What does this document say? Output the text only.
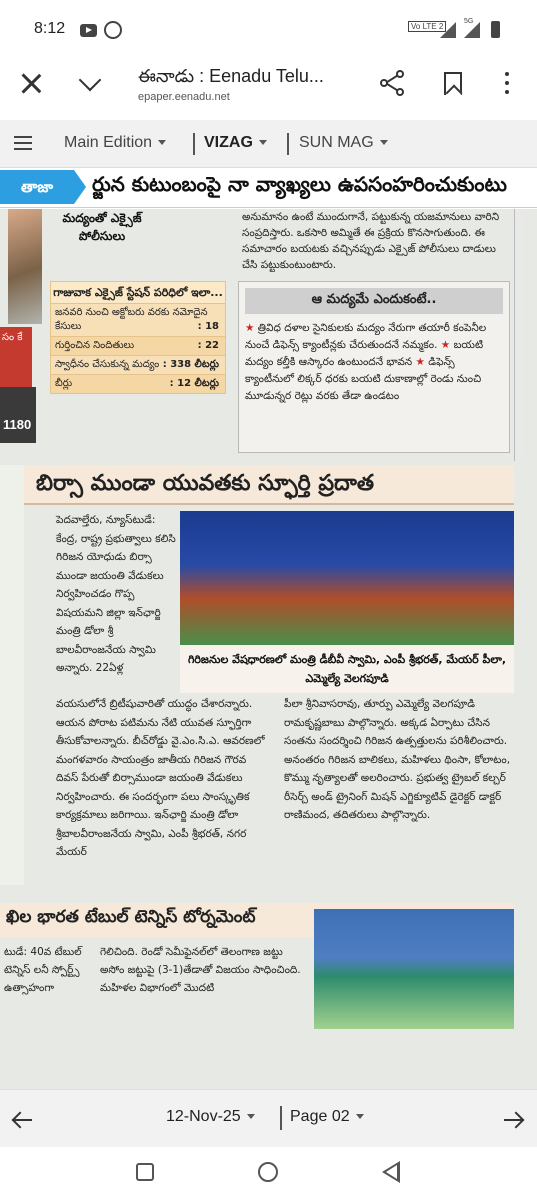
8:12	Vo LTE 2
5G
ఈనాడు : Eenadu Telu...
epaper.eenadu.net
Main Edition	VIZAG	SUN MAG
తాజా	ర్జున కుటుంబంపై నా వ్యాఖ్యలు ఉపసంహరించుకుంటు
సం కే
1180
మద్యంతో ఎక్సైజ్ పోలీసులు
గాజువాక ఎక్సైజ్ స్టేషన్ పరిధిలో ఇలా...
జనవరి నుంచి అక్టోబరు వరకు నమోదైన కేసులు	: 18
గుర్తించిన నిందితులు	: 22
స్వాధీనం చేసుకున్న మద్యం : 338 లీటర్లు
బీర్లు	: 12 లీటర్లు
అనుమానం ఉంటే ముందుగానే, పట్టుకున్న యజమానులు వారిని సంప్రదిస్తారు. ఒకసారి అమ్మితే ఈ ప్రక్రియ కొనసాగుతుంది. ఈ సమాచారం బయటకు వచ్చినప్పుడు ఎక్సైజ్ పోలీసులు దాడులు చేసి పట్టుకుంటుంటారు.
ఆ మద్యమే ఎందుకంటే..
★ త్రివిధ దళాల సైనికులకు మద్యం నేరుగా తయారీ కంపెనీల నుంచే డిఫెన్స్ క్యాంటీన్లకు చేరుతుందనే నమ్మకం. ★ బయటి మద్యం కల్తీకి ఆస్కారం ఉంటుందనే భావన ★ డిఫెన్స్ క్యాంటీనులో లిక్కర్ ధరకు బయటి దుకాణాల్లో రెండు నుంచి మూడున్నర రెట్లు వరకు తేడా ఉండటం
బిర్సా ముండా యువతకు స్ఫూర్తి ప్రదాత
పెదవాల్తేరు, న్యూస్‌టుడే: కేంద్ర, రాష్ట్ర ప్రభుత్వాలు కలిసి గిరిజన యోధుడు బిర్సా ముండా జయంతి వేడుకలు నిర్వహించడం గొప్ప విషయమని జిల్లా ఇన్‌ఛార్జి మంత్రి డోలా శ్రీ బాలవీరాంజనేయ స్వామి అన్నారు. 22ఏళ్ల
గిరిజనుల వేషధారణలో మంత్రి డీబీవీ స్వామి, ఎంపీ శ్రీభరత్, మేయర్ పీలా, ఎమ్మెల్యే వెలగపూడి
వయసులోనే బ్రిటీషువారితో యుద్ధం చేశారన్నారు. ఆయన పోరాట పటిమను నేటి యువత స్ఫూర్తిగా తీసుకోవాలన్నారు. బీచ్‌రోడ్డు వై.ఎం.సి.ఎ. ఆవరణలో మంగళవారం సాయంత్రం జాతీయ గిరిజన గౌరవ దివస్ పేరుతో బిర్సాముండా జయంతి వేడుకలు నిర్వహించారు. ఈ సందర్భంగా పలు సాంస్కృతిక కార్యక్రమాలు జరిగాయి. ఇన్‌ఛార్జి మంత్రి డోలా శ్రీబాలవీరాంజనేయ స్వామి, ఎంపీ శ్రీభరత్, నగర మేయర్
పీలా శ్రీనివాసరావు, తూర్పు ఎమ్మెల్యే వెలగపూడి రామకృష్ణబాబు పాల్గొన్నారు. అక్కడ ఏర్పాటు చేసిన సంతను సందర్శించి గిరిజన ఉత్పత్తులను పరిశీలించారు. అనంతరం గిరిజన బాలికలు, మహిళలు థింసా, కోలాటం, కొమ్ము నృత్యాలతో అలరించారు. ప్రభుత్వ ట్రైబల్ కల్చర్ రీసెర్చ్ అండ్ ట్రైనింగ్ మిషన్ ఎగ్జిక్యూటివ్ డైరెక్టర్ డాక్టర్ రాణిమంద, తదితరులు పాల్గొన్నారు.
ఖిల భారత టేబుల్ టెన్నిస్ టోర్నమెంట్
టుడే: 40వ టేబుల్ టెన్నిస్ లనీ స్పోర్ట్స్ ఉత్సాహంగా
గెలిచింది. రెండో సెమీఫైనల్‌లో తెలంగాణ జట్టు అసోం జట్టుపై (3-1)తేడాతో విజయం సాధించింది. మహిళల విభాగంలో మొదటి
12-Nov-25	Page 02
